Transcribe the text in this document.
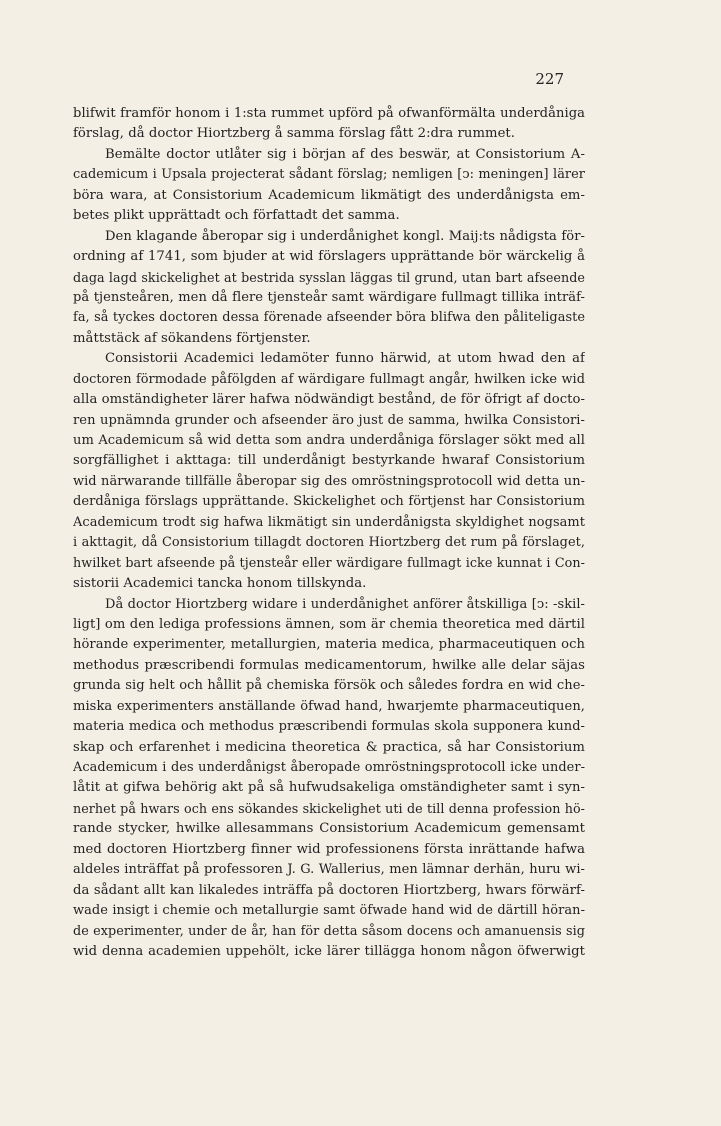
227
blifwit framför honom i 1:sta rummet upförd på ofwanförmälta underdåniga
förslag, då doctor Hiortzberg å samma förslag fått 2:dra rummet.
Bemälte doctor utlåter sig i början af des beswär, at Consistorium A-
cademicum i Upsala projecterat sådant förslag; nemligen [ↄ: meningen] lärer
böra wara, at Consistorium Academicum likmätigt des underdånigsta em-
betes plikt upprättadt och författadt det samma.
Den klagande åberopar sig i underdånighet kongl. Maij:ts nådigsta för-
ordning af 1741, som bjuder at wid förslagers upprättande bör wärckelig å
daga lagd skickelighet at bestrida sysslan läggas til grund, utan bart afseende
på tjensteåren, men då flere tjensteår samt wärdigare fullmagt tillika inträf-
fa, så tyckes doctoren dessa förenade afseender böra blifwa den påliteligaste
måttstäck af sökandens förtjenster.
Consistorii Academici ledamöter funno härwid, at utom hwad den af
doctoren förmodade påfölgden af wärdigare fullmagt angår, hwilken icke wid
alla omständigheter lärer hafwa nödwändigt bestånd, de för öfrigt af docto-
ren upnämnda grunder och afseender äro just de samma, hwilka Consistori-
um Academicum så wid detta som andra underdåniga förslager sökt med all
sorgfällighet i akttaga: till underdånigt bestyrkande hwaraf Consistorium
wid närwarande tillfälle åberopar sig des omröstningsprotocoll wid detta un-
derdåniga förslags upprättande. Skickelighet och förtjenst har Consistorium
Academicum trodt sig hafwa likmätigt sin underdånigsta skyldighet nogsamt
i akttagit, då Consistorium tillagdt doctoren Hiortzberg det rum på förslaget,
hwilket bart afseende på tjensteår eller wärdigare fullmagt icke kunnat i Con-
sistorii Academici tancka honom tillskynda.
Då doctor Hiortzberg widare i underdånighet anförer åtskilliga [ↄ: -skil-
ligt] om den lediga professions ämnen, som är chemia theoretica med därtil
hörande experimenter, metallurgien, materia medica, pharmaceutiquen och
methodus præscribendi formulas medicamentorum, hwilke alle delar säjas
grunda sig helt och hållit på chemiska försök och således fordra en wid che-
miska experimenters anställande öfwad hand, hwarjemte pharmaceutiquen,
materia medica och methodus præscribendi formulas skola supponera kund-
skap och erfarenhet i medicina theoretica & practica, så har Consistorium
Academicum i des underdånigst åberopade omröstningsprotocoll icke under-
låtit at gifwa behörig akt på så hufwudsakeliga omständigheter samt i syn-
nerhet på hwars och ens sökandes skickelighet uti de till denna profession hö-
rande stycker, hwilke allesammans Consistorium Academicum gemensamt
med doctoren Hiortzberg finner wid professionens första inrättande hafwa
aldeles inträffat på professoren J. G. Wallerius, men lämnar derhän, huru wi-
da sådant allt kan likaledes inträffa på doctoren Hiortzberg, hwars förwärf-
wade insigt i chemie och metallurgie samt öfwade hand wid de därtill höran-
de experimenter, under de år, han för detta såsom docens och amanuensis sig
wid denna academien uppehölt, icke lärer tillägga honom någon öfwerwigt
